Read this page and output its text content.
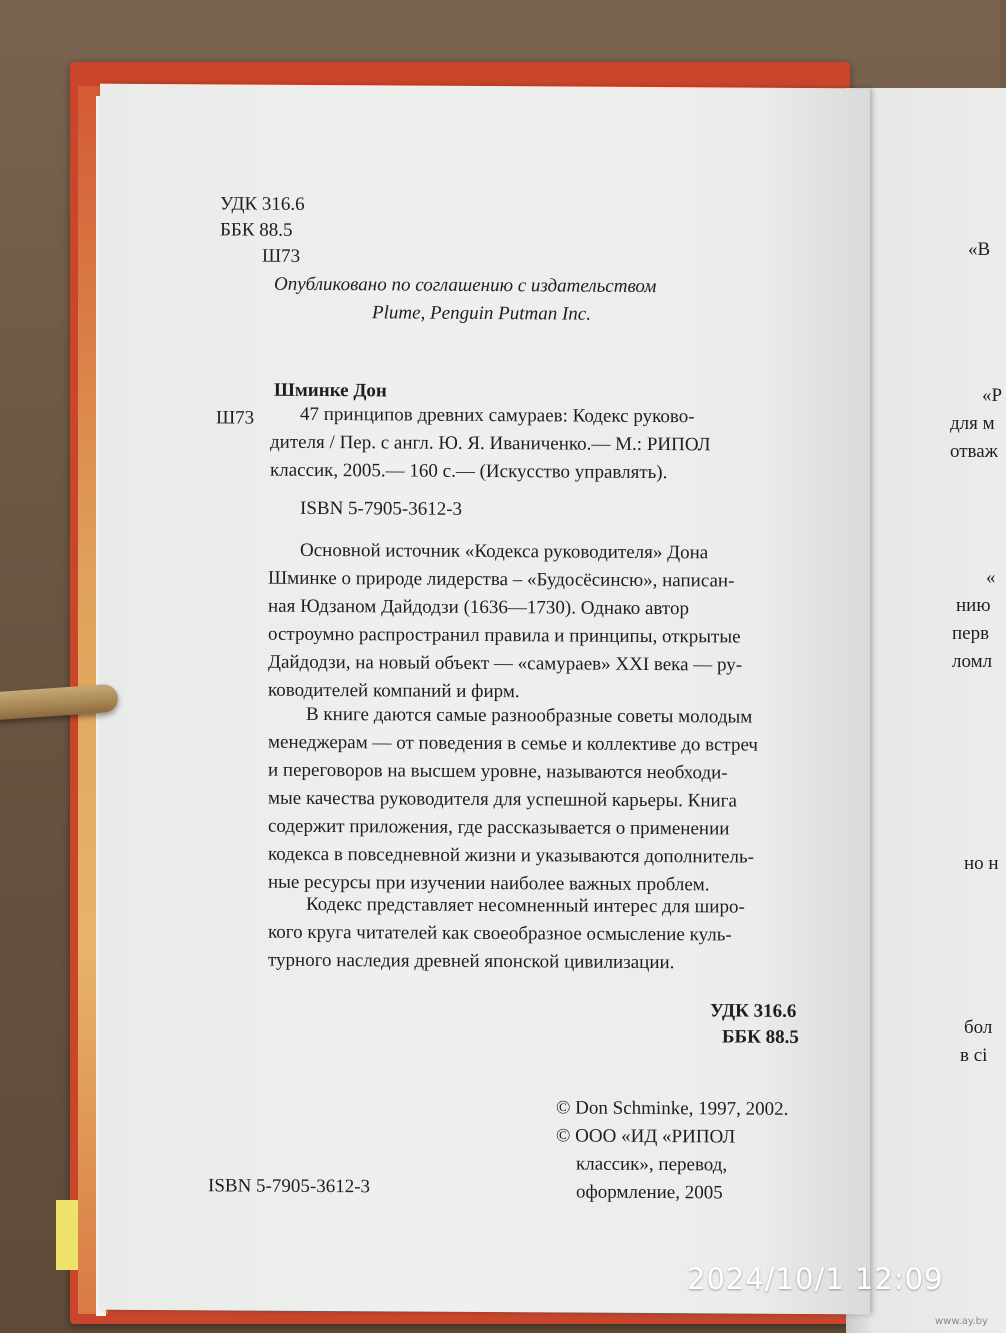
«В
«Р
для м
отваж
«
нию
перв
ломл
но н
бол
в сі
УДК 316.6
ББК 88.5
Ш73
Опубликовано по соглашению с издательством
Plume, Penguin Putman Inc.
Шминке Дон
Ш73 47 принципов древних самураев: Кодекс руково-
дителя / Пер. с англ. Ю. Я. Иваниченко.— М.: РИПОЛ
классик, 2005.— 160 с.— (Искусство управлять).
ISBN 5-7905-3612-3
Основной источник «Кодекса руководителя» Дона
Шминке о природе лидерства – «Будосёсинсю», написан-
ная Юдзаном Дайдодзи (1636—1730). Однако автор
остроумно распространил правила и принципы, открытые
Дайдодзи, на новый объект — «самураев» XXI века — ру-
ководителей компаний и фирм.
В книге даются самые разнообразные советы молодым
менеджерам — от поведения в семье и коллективе до встреч
и переговоров на высшем уровне, называются необходи-
мые качества руководителя для успешной карьеры. Книга
содержит приложения, где рассказывается о применении
кодекса в повседневной жизни и указываются дополнитель-
ные ресурсы при изучении наиболее важных проблем.
Кодекс представляет несомненный интерес для широ-
кого круга читателей как своеобразное осмысление куль-
турного наследия древней японской цивилизации.
УДК 316.6
ББК 88.5
© Don Schminke, 1997, 2002.
© ООО «ИД «РИПОЛ
классик», перевод,
оформление, 2005
ISBN 5-7905-3612-3
2024/10/1 12:09
www.ay.by
